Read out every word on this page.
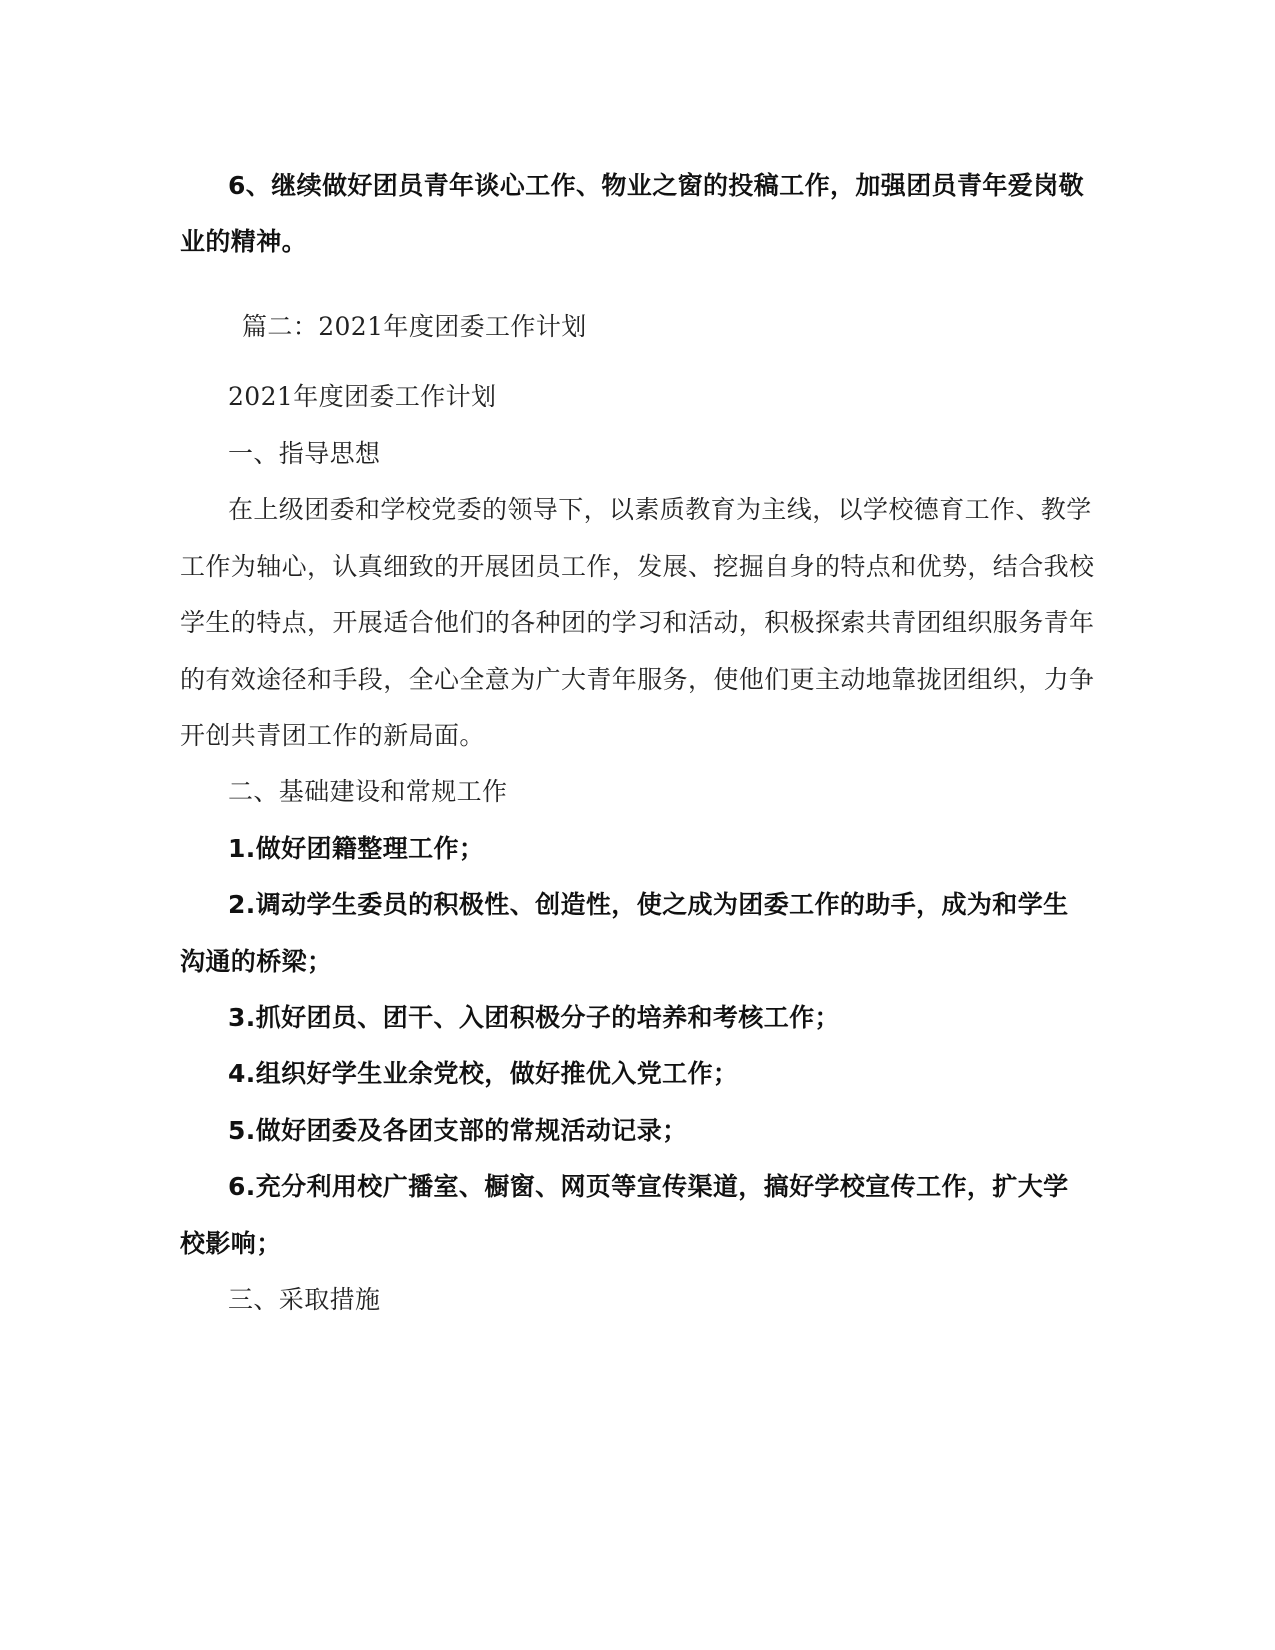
6、继续做好团员青年谈心工作、物业之窗的投稿工作，加强团员青年爱岗敬
业的精神。
篇二：2021年度团委工作计划
2021年度团委工作计划
一、指导思想
在上级团委和学校党委的领导下，以素质教育为主线，以学校德育工作、教学
工作为轴心，认真细致的开展团员工作，发展、挖掘自身的特点和优势，结合我校
学生的特点，开展适合他们的各种团的学习和活动，积极探索共青团组织服务青年
的有效途径和手段，全心全意为广大青年服务，使他们更主动地靠拢团组织，力争
开创共青团工作的新局面。
二、基础建设和常规工作
1.做好团籍整理工作；
2.调动学生委员的积极性、创造性，使之成为团委工作的助手，成为和学生
沟通的桥梁；
3.抓好团员、团干、入团积极分子的培养和考核工作；
4.组织好学生业余党校，做好推优入党工作；
5.做好团委及各团支部的常规活动记录；
6.充分利用校广播室、橱窗、网页等宣传渠道，搞好学校宣传工作，扩大学
校影响；
三、采取措施
